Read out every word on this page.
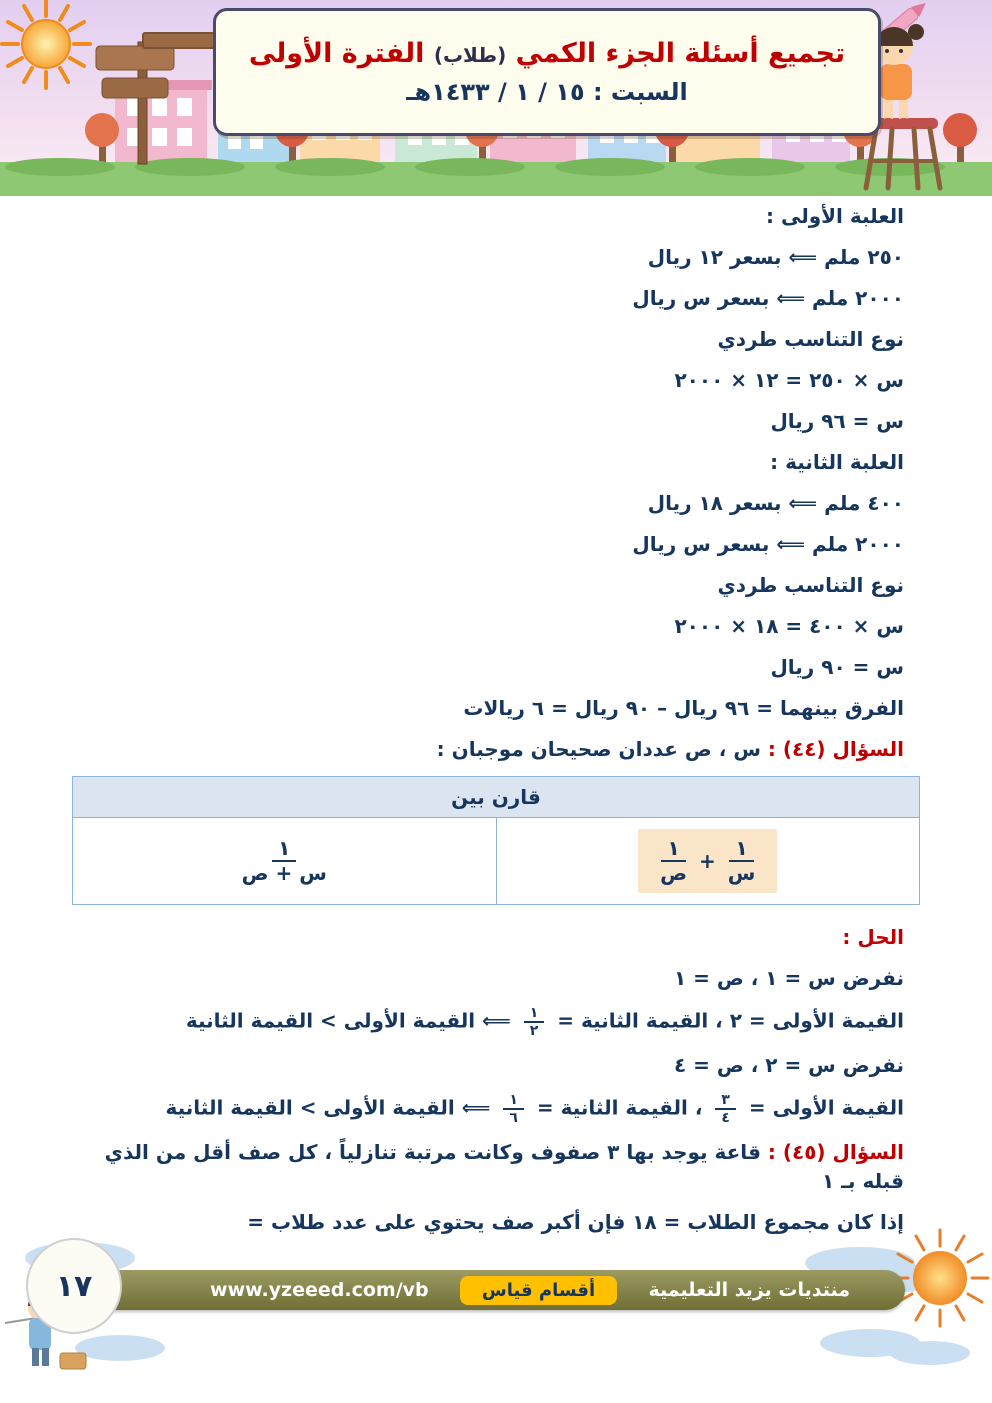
تجميع أسئلة الجزء الكمي (طلاب) الفترة الأولى
السبت : ١٥ / ١ / ١٤٣٣هـ
العلبة الأولى :
٢٥٠ ملم ⟸ بسعر ١٢ ريال
٢٠٠٠ ملم ⟸ بسعر س ريال
نوع التناسب طردي
س × ٢٥٠ = ١٢ × ٢٠٠٠
س = ٩٦ ريال
العلبة الثانية :
٤٠٠ ملم ⟸ بسعر ١٨ ريال
٢٠٠٠ ملم ⟸ بسعر س ريال
نوع التناسب طردي
س × ٤٠٠ = ١٨ × ٢٠٠٠
س = ٩٠ ريال
الفرق بينهما = ٩٦ ريال – ٩٠ ريال = ٦ ريالات
السؤال (٤٤) : س ، ص عددان صحيحان موجبان :
قارن بين
$\frac{١}{\text{س}}$
+
$\frac{١}{\text{ص}}$
$\frac{١}{\text{س + ص}}$
الحل :
نفرض س = ١ ، ص = ١
القيمة الأولى = ٢ ، القيمة الثانية =
$\frac{١}{٢}$
⟸ القيمة الأولى > القيمة الثانية
نفرض س = ٢ ، ص = ٤
القيمة الأولى =
$\frac{٣}{٤}$
، القيمة الثانية =
$\frac{١}{٦}$
⟸ القيمة الأولى > القيمة الثانية
السؤال (٤٥) : قاعة يوجد بها ٣ صفوف وكانت مرتبة تنازلياً ، كل صف أقل من الذي قبله بـ ١
إذا كان مجموع الطلاب = ١٨ فإن أكبر صف يحتوي على عدد طلاب =
منتديات يزيد التعليمية
أقسام قياس
www.yzeeed.com/vb
١٧
